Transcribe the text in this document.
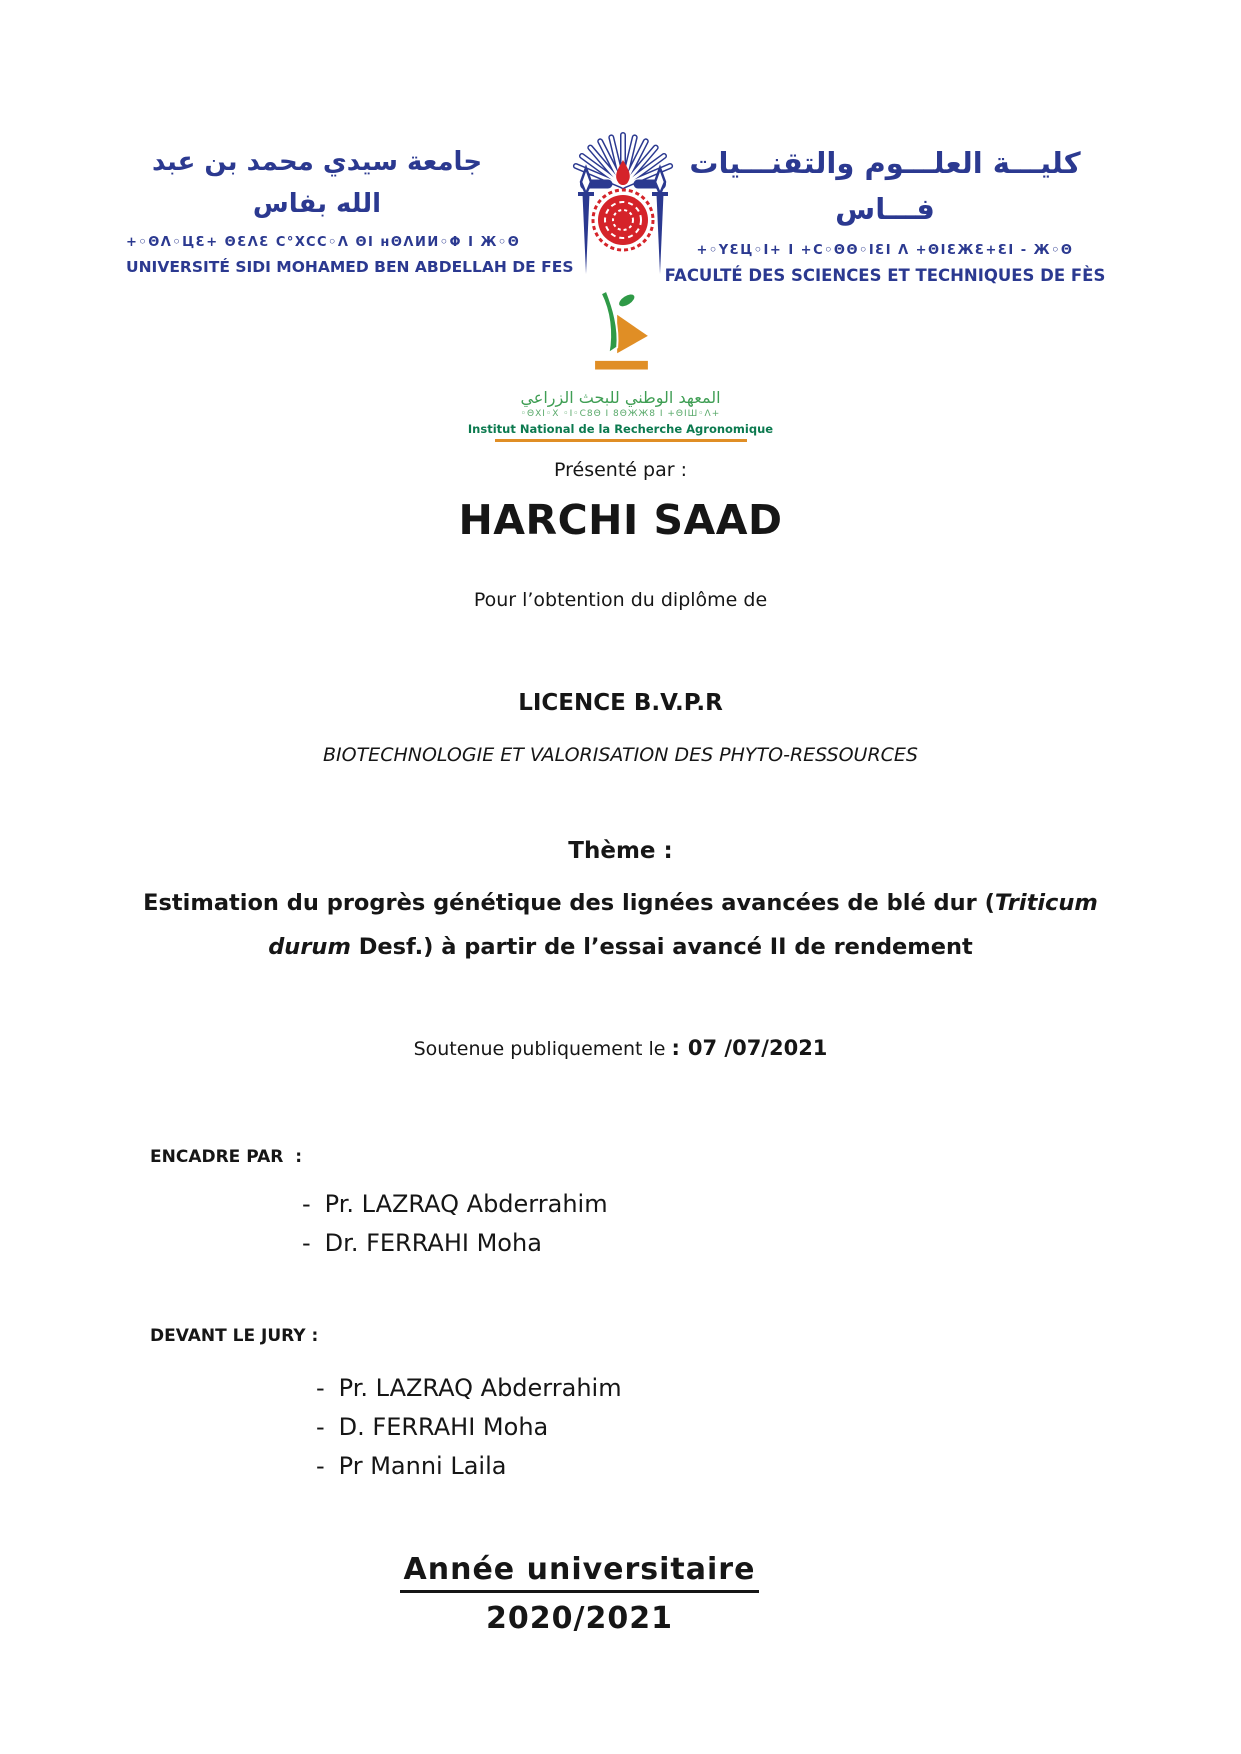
جامعة سيدي محمد بن عبد الله بفاس
+◦ΘΛ◦ЦƐ+ ΘƐΛƐ C°XCC◦Λ ΘΙ ʜΘΛИИ◦Φ Ι Ж◦Θ
UNIVERSITÉ SIDI MOHAMED BEN ABDELLAH DE FES
كليـــة العلـــوم والتقنـــيات فـــاس
+◦YƐЦ◦Ι+ Ι +C◦ΘΘ◦ΙƐΙ Λ +ΘΙƐЖƐ+ƐΙ - Ж◦Θ
FACULTÉ DES SCIENCES ET TECHNIQUES DE FÈS
المعهد الوطني للبحث الزراعي
◦ΘXΙ◦X ◦Ι◦C8Θ Ι 8ΘЖЖ8 Ι +ΘΙШ◦Λ+
Institut National de la Recherche Agronomique
Présenté par :
HARCHI SAAD
Pour l’obtention du diplôme de
LICENCE B.V.P.R
BIOTECHNOLOGIE ET VALORISATION DES PHYTO-RESSOURCES
Thème :
Estimation du progrès génétique des lignées avancées de blé dur (Triticum
durum Desf.) à partir de l’essai avancé II de rendement
Soutenue publiquement le : 07 /07/2021
ENCADRE PAR  :
- Pr. LAZRAQ Abderrahim
- Dr. FERRAHI Moha
DEVANT LE JURY :
- Pr. LAZRAQ Abderrahim
- D. FERRAHI Moha
- Pr Manni Laila
Année universitaire
2020/2021
